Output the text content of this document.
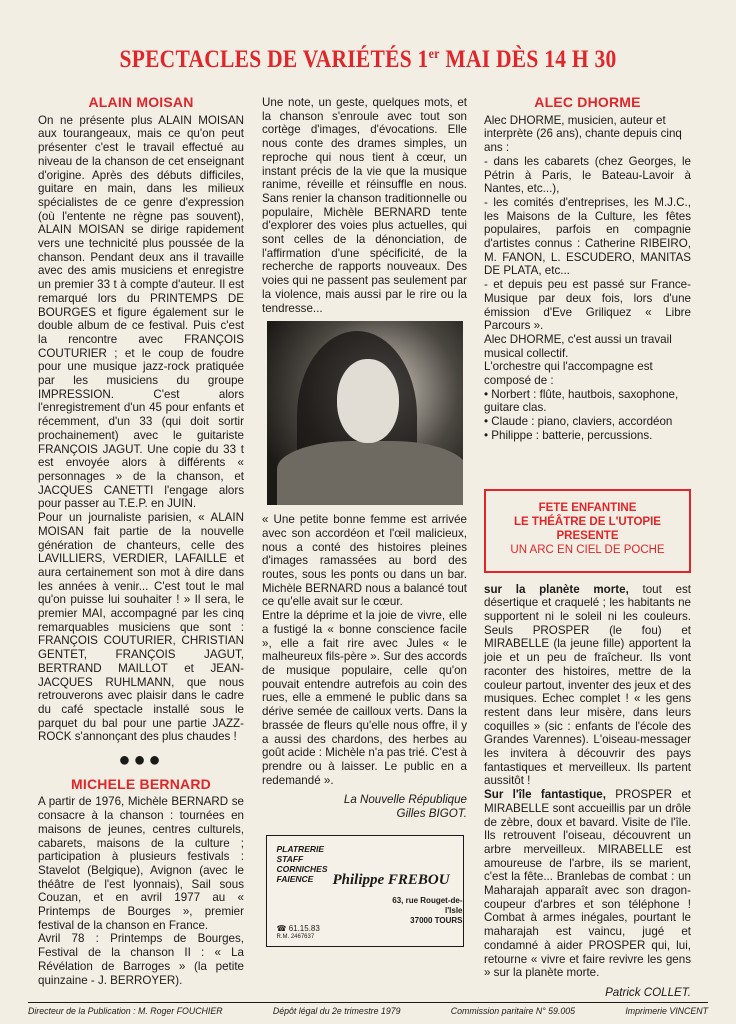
SPECTACLES DE VARIÉTÉS 1er MAI DÈS 14 H 30
ALAIN MOISAN

On ne présente plus ALAIN MOISAN aux tourangeaux, mais ce qu'on peut présenter c'est le travail effectué au niveau de la chanson de cet enseignant d'origine. Après des débuts difficiles, guitare en main, dans les milieux spécialistes de ce genre d'expression (où l'entente ne règne pas souvent), ALAIN MOISAN se dirige rapidement vers une technicité plus poussée de la chanson. Pendant deux ans il travaille avec des amis musiciens et enregistre un premier 33 t à compte d'auteur. Il est remarqué lors du PRINTEMPS DE BOURGES et figure également sur le double album de ce festival. Puis c'est la rencontre avec FRANÇOIS COUTURIER ; et le coup de foudre pour une musique jazz-rock pratiquée par les musiciens du groupe IMPRESSION. C'est alors l'enregistrement d'un 45 pour enfants et récemment, d'un 33 (qui doit sortir prochainement) avec le guitariste FRANÇOIS JAGUT. Une copie du 33 t est envoyée alors à différents « personnages » de la chanson, et JACQUES CANETTI l'engage alors pour passer au T.E.P. en JUIN.

Pour un journaliste parisien, « ALAIN MOISAN fait partie de la nouvelle génération de chanteurs, celle des LAVILLIERS, VERDIER, LAFAILLE et aura certainement son mot à dire dans les années à venir... C'est tout le mal qu'on puisse lui souhaiter ! » Il sera, le premier MAI, accompagné par les cinq remarquables musiciens que sont : FRANÇOIS COUTURIER, CHRISTIAN GENTET, FRANÇOIS JAGUT, BERTRAND MAILLOT et JEAN-JACQUES RUHLMANN, que nous retrouverons avec plaisir dans le cadre du café spectacle installé sous le parquet du bal pour une partie JAZZ-ROCK s'annonçant des plus chaudes !

●●●
MICHELE BERNARD

A partir de 1976, Michèle BERNARD se consacre à la chanson : tournées en maisons de jeunes, centres culturels, cabarets, maisons de la culture ; participation à plusieurs festivals : Stavelot (Belgique), Avignon (avec le théâtre de l'est lyonnais), Sail sous Couzan, et en avril 1977 au « Printemps de Bourges », premier festival de la chanson en France.

Avril 78 : Printemps de Bourges, Festival de la chanson II : « La Révélation de Barroges » (la petite quinzaine - J. BERROYER).

Une note, un geste, quelques mots, et la chanson s'enroule avec tout son cortège d'images, d'évocations. Elle nous conte des drames simples, un reproche qui nous tient à cœur, un instant précis de la vie que la musique ranime, réveille et réinsuffle en nous. Sans renier la chanson traditionnelle ou populaire, Michèle BERNARD tente d'explorer des voies plus actuelles, qui sont celles de la dénonciation, de l'affirmation d'une spécificité, de la recherche de rapports nouveaux. Des voies qui ne passent pas seulement par la violence, mais aussi par le rire ou la tendresse...

« Une petite bonne femme est arrivée avec son accordéon et l'œil malicieux, nous a conté des histoires pleines d'images ramassées au bord des routes, sous les ponts ou dans un bar. Michèle BERNARD nous a balancé tout ce qu'elle avait sur le cœur.

Entre la déprime et la joie de vivre, elle a fustigé la « bonne conscience facile », elle a fait rire avec Jules « le malheureux fils-père ». Sur des accords de musique populaire, celle qu'on pouvait entendre autrefois au coin des rues, elle a emmené le public dans sa dérive semée de cailloux verts. Dans la brassée de fleurs qu'elle nous offre, il y a aussi des chardons, des herbes au goût acide : Michèle n'a pas trié. C'est à prendre ou à laisser. Le public en a redemandé ».

La Nouvelle République
Gilles BIGOT.
PLATRERIE
STAFF
CORNICHES
FAIENCE	Philippe FREBOU
63, rue Rouget-de-l'Isle
37000 TOURS
☎ 61.15.83
R.M. 2467637
ALEC DHORME

Alec DHORME, musicien, auteur et interprète (26 ans), chante depuis cinq ans :

- dans les cabarets (chez Georges, le Pétrin à Paris, le Bateau-Lavoir à Nantes, etc...),

- les comités d'entreprises, les M.J.C., les Maisons de la Culture, les fêtes populaires, parfois en compagnie d'artistes connus : Catherine RIBEIRO, M. FANON, L. ESCUDERO, MANITAS DE PLATA, etc...

- et depuis peu est passé sur France-Musique par deux fois, lors d'une émission d'Eve Griliquez « Libre Parcours ».

Alec DHORME, c'est aussi un travail musical collectif.

L'orchestre qui l'accompagne est composé de :

• Norbert : flûte, hautbois, saxophone, guitare clas.

• Claude : piano, claviers, accordéon

• Philippe : batterie, percussions.

FETE ENFANTINE
LE THÉÂTRE DE L'UTOPIE PRESENTE
UN ARC EN CIEL DE POCHE

sur la planète morte, tout est désertique et craquelé ; les habitants ne supportent ni le soleil ni les couleurs. Seuls PROSPER (le fou) et MIRABELLE (la jeune fille) apportent la joie et un peu de fraîcheur. Ils vont raconter des histoires, mettre de la couleur partout, inventer des jeux et des musiques. Echec complet ! « les gens restent dans leur misère, dans leurs coquilles » (sic : enfants de l'école des Grandes Varennes). L'oiseau-messager les invitera à découvrir des pays fantastiques et merveilleux. Ils partent aussitôt !

Sur l'île fantastique, PROSPER et MIRABELLE sont accueillis par un drôle de zèbre, doux et bavard. Visite de l'île. Ils retrouvent l'oiseau, découvrent un arbre merveilleux. MIRABELLE est amoureuse de l'arbre, ils se marient, c'est la fête... Branlebas de combat : un Maharajah apparaît avec son dragon-coupeur d'arbres et son téléphone ! Combat à armes inégales, pourtant le maharajah est vaincu, jugé et condamné à aider PROSPER qui, lui, retourne « vivre et faire revivre les gens » sur la planète morte.

Patrick COLLET.
Directeur de la Publication : M. Roger FOUCHIER	Dépôt légal du 2e trimestre 1979	Commission paritaire N° 59.005	Imprimerie VINCENT
